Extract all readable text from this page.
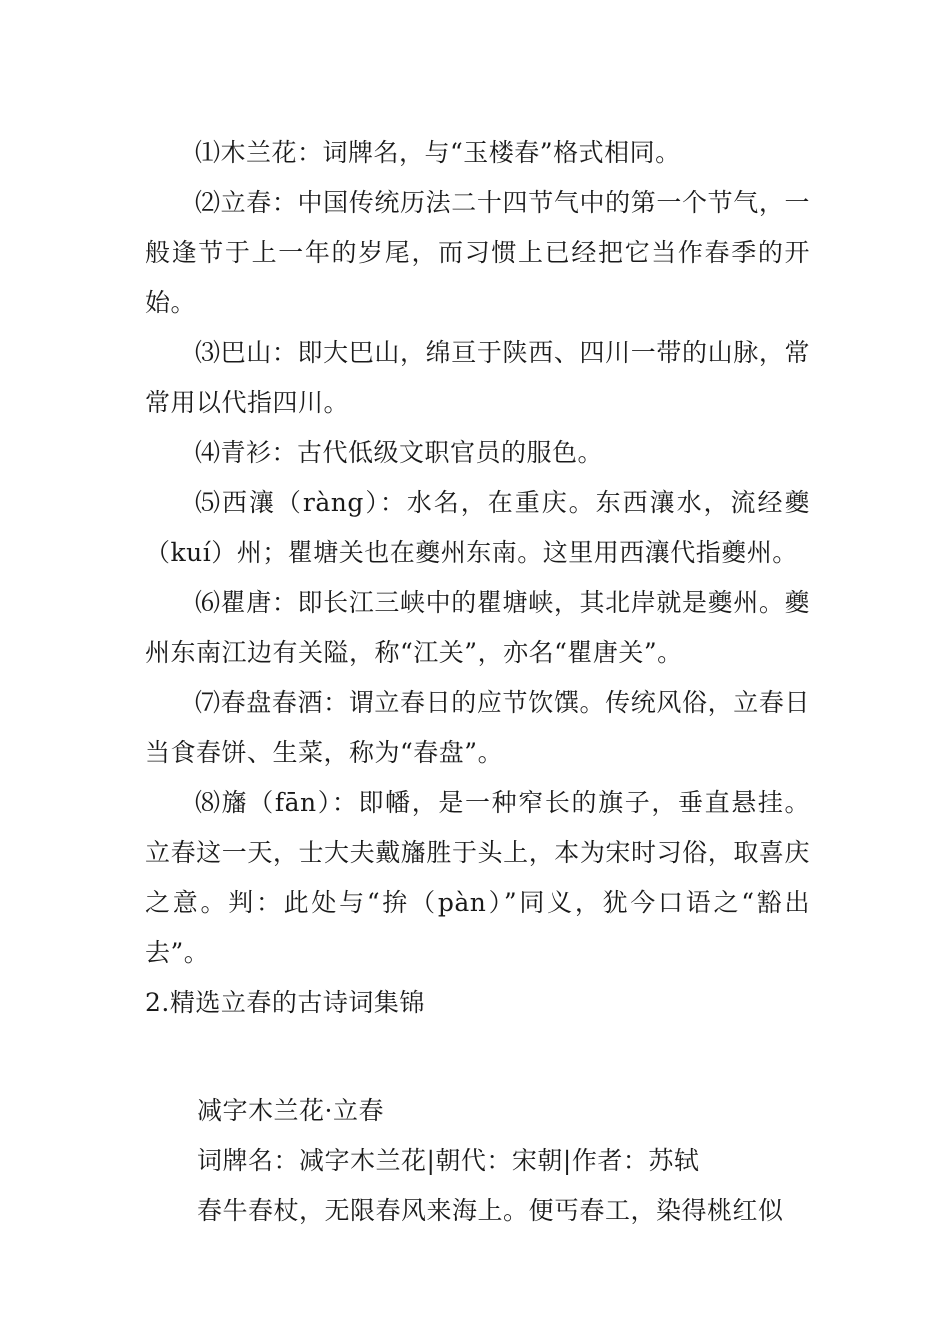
⑴木兰花：词牌名，与“玉楼春”格式相同。

⑵立春：中国传统历法二十四节气中的第一个节气，一般逢节于上一年的岁尾，而习惯上已经把它当作春季的开始。

⑶巴山：即大巴山，绵亘于陕西、四川一带的山脉，常常用以代指四川。

⑷青衫：古代低级文职官员的服色。

⑸西瀼（ràng）：水名，在重庆。东西瀼水，流经夔（kuí）州；瞿塘关也在夔州东南。这里用西瀼代指夔州。

⑹瞿唐：即长江三峡中的瞿塘峡，其北岸就是夔州。夔州东南江边有关隘，称“江关”，亦名“瞿唐关”。

⑺春盘春酒：谓立春日的应节饮馔。传统风俗，立春日当食春饼、生菜，称为“春盘”。

⑻旛（fān）：即幡，是一种窄长的旗子，垂直悬挂。立春这一天，士大夫戴旛胜于头上，本为宋时习俗，取喜庆之意。判：此处与“拚（pàn）”同义，犹今口语之“豁出去”。

2.精选立春的古诗词集锦

减字木兰花·立春

词牌名：减字木兰花|朝代：宋朝|作者：苏轼

春牛春杖，无限春风来海上。便丐春工，染得桃红似
